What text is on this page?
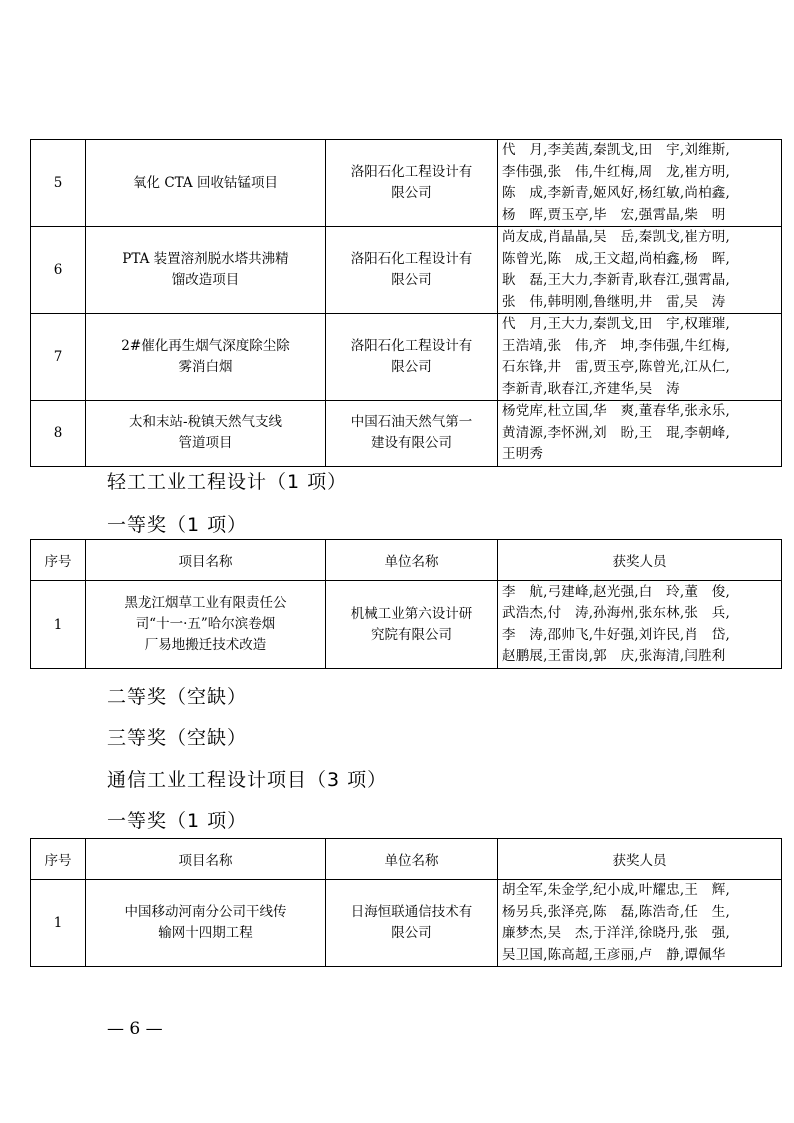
5	氧化 CTA 回收钴锰项目	洛阳石化工程设计有
限公司	代　月,李美茜,秦凯戈,田　宇,刘维斯,
李伟强,张　伟,牛红梅,周　龙,崔方明,
陈　成,李新青,姬风好,杨红敏,尚柏鑫,
杨　晖,贾玉亭,毕　宏,强霄晶,柴　明

6	PTA 装置溶剂脱水塔共沸精
馏改造项目	洛阳石化工程设计有
限公司	尚友成,肖晶晶,吴　岳,秦凯戈,崔方明,
陈曾光,陈　成,王文超,尚柏鑫,杨　晖,
耿　磊,王大力,李新青,耿春江,强霄晶,
张　伟,韩明刚,鲁继明,井　雷,吴　涛

7	2#催化再生烟气深度除尘除
雾消白烟	洛阳石化工程设计有
限公司	代　月,王大力,秦凯戈,田　宇,权璀璀,
王浩靖,张　伟,齐　坤,李伟强,牛红梅,
石东锋,井　雷,贾玉亭,陈曾光,江从仁,
李新青,耿春江,齐建华,吴　涛

8	太和末站-稅镇天然气支线
管道项目	中国石油天然气第一
建设有限公司	杨党库,杜立国,华　爽,董春华,张永乐,
黄清源,李怀洲,刘　盼,王　琨,李朝峰,
王明秀
轻工工业工程设计（1 项）
一等奖（1 项）
序号	项目名称	单位名称	获奖人员
1	黑龙江烟草工业有限责任公
司“十一·五”哈尔滨卷烟
厂易地搬迁技术改造	机械工业第六设计研
究院有限公司	李　航,弓建峰,赵光强,白　玲,董　俊,
武浩杰,付　涛,孙海州,张东林,张　兵,
李　涛,邵帅飞,牛好强,刘许民,肖　岱,
赵鹏展,王雷岗,郭　庆,张海清,闫胜利
二等奖（空缺）
三等奖（空缺）
通信工业工程设计项目（3 项）
一等奖（1 项）
序号	项目名称	单位名称	获奖人员
1	中国移动河南分公司干线传
输网十四期工程	日海恒联通信技术有
限公司	胡全军,朱金学,纪小成,叶耀忠,王　辉,
杨另兵,张泽亮,陈　磊,陈浩奇,任　生,
廉梦杰,吴　杰,于洋洋,徐晓丹,张　强,
吴卫国,陈高超,王彦丽,卢　静,谭佩华
— 6 —
